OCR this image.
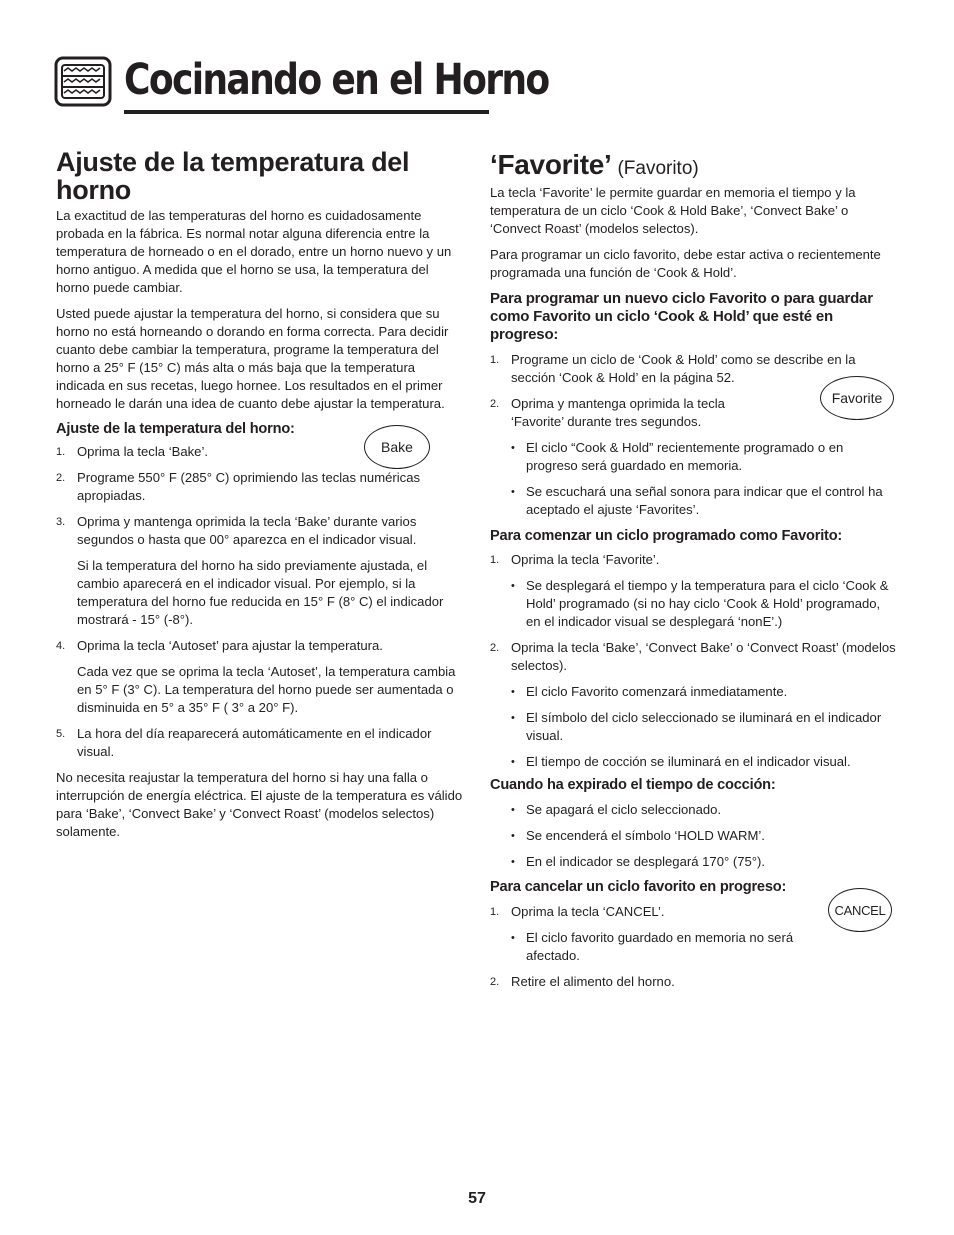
Cocinando en el Horno
Ajuste de la temperatura del horno

La exactitud de las temperaturas del horno es cuidadosamente probada en la fábrica. Es normal notar alguna diferencia entre la temperatura de horneado o en el dorado, entre un horno nuevo y un horno antiguo. A medida que el horno se usa, la temperatura del horno puede cambiar.

Usted puede ajustar la temperatura del horno, si considera que su horno no está horneando o dorando en forma correcta. Para decidir cuanto debe cambiar la temperatura, programe la temperatura del horno a 25° F (15° C) más alta o más baja que la temperatura indicada en sus recetas, luego hornee. Los resultados en el primer horneado le darán una idea de cuanto debe ajustar la temperatura.

Ajuste de la temperatura del horno:
1. Oprima la tecla ‘Bake’.
2. Programe 550° F (285° C) oprimiendo las teclas numéricas apropiadas.
3. Oprima y mantenga oprimida la tecla ‘Bake’ durante varios segundos o hasta que 00° aparezca en el indicador visual.

Si la temperatura del horno ha sido previamente ajustada, el cambio aparecerá en el indicador visual. Por ejemplo, si la temperatura del horno fue reducida en 15° F (8° C) el indicador mostrará - 15° (-8°).

4. Oprima la tecla ‘Autoset’ para ajustar la temperatura.

Cada vez que se oprima la tecla ‘Autoset’, la temperatura cambia en 5° F (3° C). La temperatura del horno puede ser aumentada o disminuida en 5° a 35° F ( 3° a 20° F).

5. La hora del día reaparecerá automáticamente en el indicador visual.

No necesita reajustar la temperatura del horno si hay una falla o interrupción de energía eléctrica. El ajuste de la temperatura es válido para ‘Bake’, ‘Convect Bake’ y ‘Convect Roast’ (modelos selectos) solamente.

‘Favorite’ (Favorito)

La tecla ‘Favorite’ le permite guardar en memoria el tiempo y la temperatura de un ciclo ‘Cook & Hold Bake’, ‘Convect Bake’ o ‘Convect Roast’ (modelos selectos).

Para programar un ciclo favorito, debe estar activa o recientemente programada una función de ‘Cook & Hold’.

Para programar un nuevo ciclo Favorito o para guardar como Favorito un ciclo ‘Cook & Hold’ que esté en progreso:
1. Programe un ciclo de ‘Cook & Hold’ como se describe en la sección ‘Cook & Hold’ en la página 52.
2. Oprima y mantenga oprimida la tecla ‘Favorite’ durante tres segundos.
• El ciclo “Cook & Hold” recientemente programado o en progreso será guardado en memoria.
• Se escuchará una señal sonora para indicar que el control ha aceptado el ajuste ‘Favorites’.
Para comenzar un ciclo programado como Favorito:
1. Oprima la tecla ‘Favorite’.
• Se desplegará el tiempo y la temperatura para el ciclo ‘Cook & Hold’ programado (si no hay ciclo ‘Cook & Hold’ programado, en el indicador visual se desplegará ‘nonE’.)
2. Oprima la tecla ‘Bake’, ‘Convect Bake’ o ‘Convect Roast’ (modelos selectos).
• El ciclo Favorito comenzará inmediatamente.
• El símbolo del ciclo seleccionado se iluminará en el indicador visual.
• El tiempo de cocción se iluminará en el indicador visual.
Cuando ha expirado el tiempo de cocción:
• Se apagará el ciclo seleccionado.
• Se encenderá el símbolo ‘HOLD WARM’.
• En el indicador se desplegará 170° (75°).
Para cancelar un ciclo favorito en progreso:
1. Oprima la tecla ‘CANCEL’.
• El ciclo favorito guardado en memoria no será afectado.
2. Retire el alimento del horno.
Bake
Favorite
CANCEL
57
